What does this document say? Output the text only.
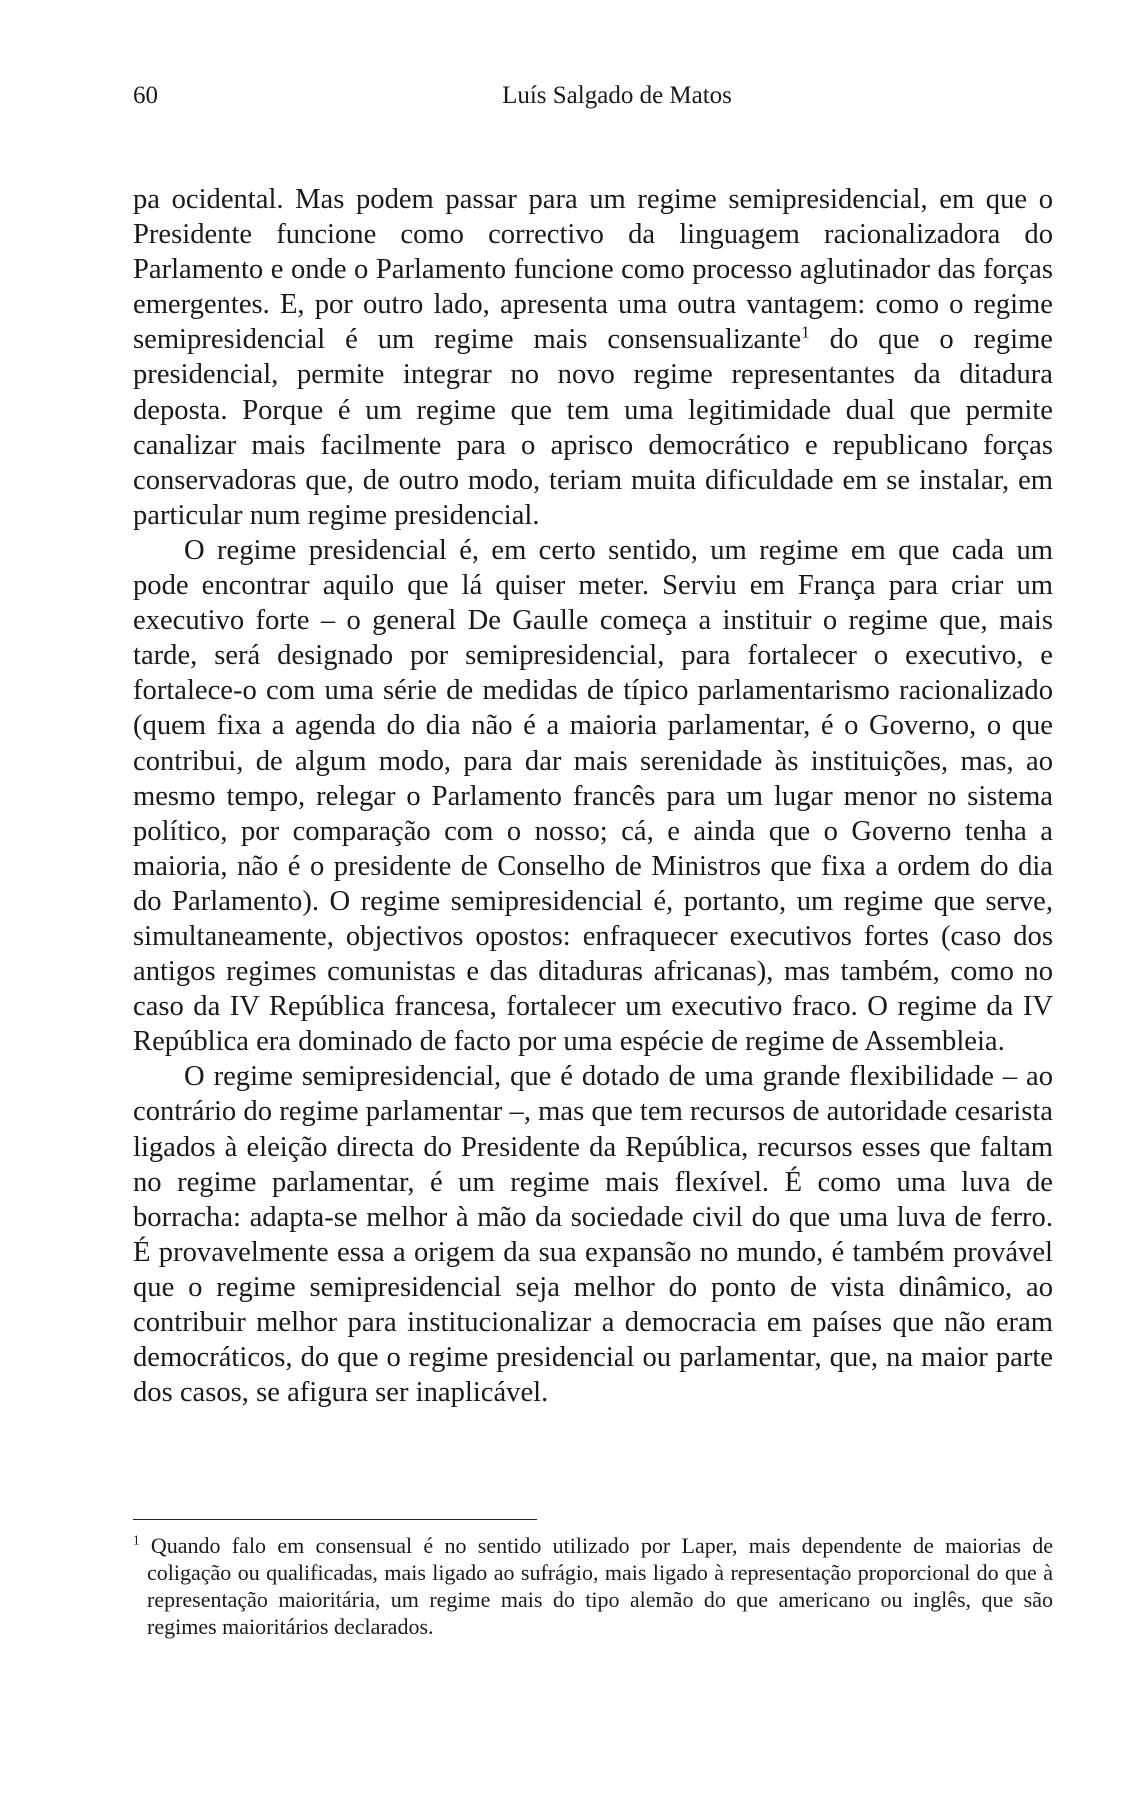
60	Luís Salgado de Matos

pa ocidental. Mas podem passar para um regime semipresidencial, em que o Presidente funcione como correctivo da linguagem racionalizadora do Parlamento e onde o Parlamento funcione como processo aglutinador das forças emergentes. E, por outro lado, apresenta uma outra vantagem: como o regime semipresidencial é um regime mais consensualizante$^1$ do que o regime presidencial, permite integrar no novo regime representantes da ditadura deposta. Porque é um regime que tem uma legitimidade dual que permite canalizar mais facilmente para o aprisco democrático e republicano forças conservadoras que, de outro modo, teriam muita dificuldade em se instalar, em particular num regime presidencial.

O regime presidencial é, em certo sentido, um regime em que cada um pode encontrar aquilo que lá quiser meter. Serviu em França para criar um executivo forte – o general De Gaulle começa a instituir o regime que, mais tarde, será designado por semipresidencial, para fortalecer o executivo, e fortalece-o com uma série de medidas de típico parlamentarismo racionalizado (quem fixa a agenda do dia não é a maioria parlamentar, é o Governo, o que contribui, de algum modo, para dar mais serenidade às instituições, mas, ao mesmo tempo, relegar o Parlamento francês para um lugar menor no sistema político, por comparação com o nosso; cá, e ainda que o Governo tenha a maioria, não é o presidente de Conselho de Ministros que fixa a ordem do dia do Parlamento). O regime semipresidencial é, portanto, um regime que serve, simultaneamente, objectivos opostos: enfraquecer executivos fortes (caso dos antigos regimes comunistas e das ditaduras africanas), mas também, como no caso da IV República francesa, fortalecer um executivo fraco. O regime da IV República era dominado de facto por uma espécie de regime de Assembleia.

O regime semipresidencial, que é dotado de uma grande flexibilidade – ao contrário do regime parlamentar –, mas que tem recursos de autoridade cesarista ligados à eleição directa do Presidente da República, recursos esses que faltam no regime parlamentar, é um regime mais flexível. É como uma luva de borracha: adapta-se melhor à mão da sociedade civil do que uma luva de ferro. É provavelmente essa a origem da sua expansão no mundo, é também provável que o regime semipresidencial seja melhor do ponto de vista dinâmico, ao contribuir melhor para institucionalizar a democracia em países que não eram democráticos, do que o regime presidencial ou parlamentar, que, na maior parte dos casos, se afigura ser inaplicável.

$^1$ Quando falo em consensual é no sentido utilizado por Laper, mais dependente de maiorias de coligação ou qualificadas, mais ligado ao sufrágio, mais ligado à representação proporcional do que à representação maioritária, um regime mais do tipo alemão do que americano ou inglês, que são regimes maioritários declarados.
